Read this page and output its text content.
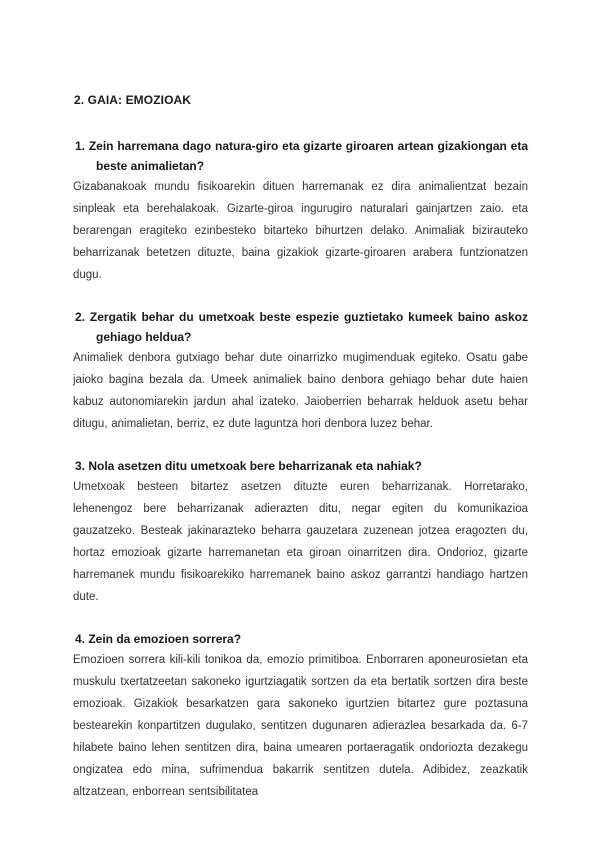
2. GAIA: EMOZIOAK

1. Zein harremana dago natura-giro eta gizarte giroaren artean gizakiongan eta beste animalietan?

Gizabanakoak mundu fisikoarekin dituen harremanak ez dira animalientzat bezain sinpleak eta berehalakoak. Gizarte-giroa ingurugiro naturalari gainjartzen zaio. eta berarengan eragiteko ezinbesteko bitarteko bihurtzen delako. Animaliak bizirauteko beharrizanak betetzen dituzte, baina gizakiok gizarte-giroaren arabera funtzionatzen dugu.

2. Zergatik behar du umetxoak beste espezie guztietako kumeek baino askoz gehiago heldua?

Animaliek denbora gutxiago behar dute oinarrizko mugimenduak egiteko. Osatu gabe jaioko bagina bezala da. Umeek animaliek baino denbora gehiago behar dute haien kabuz autonomiarekin jardun ahal izateko. Jaioberrien beharrak helduok asetu behar ditugu, animalietan, berriz, ez dute laguntza hori denbora luzez behar.

3. Nola asetzen ditu umetxoak bere beharrizanak eta nahiak?

Umetxoak besteen bitartez asetzen dituzte euren beharrizanak. Horretarako, lehenengoz bere beharrizanak adierazten ditu, negar egiten du komunikazioa gauzatzeko. Besteak jakinarazteko beharra gauzetara zuzenean jotzea eragozten du, hortaz emozioak gizarte harremanetan eta giroan oinarritzen dira. Ondorioz, gizarte harremanek mundu fisikoarekiko harremanek baino askoz garrantzi handiago hartzen dute.

4. Zein da emozioen sorrera?

Emozioen sorrera kili-kili tonikoa da, emozio primitiboa. Enborraren aponeurosietan eta muskulu txertatzeetan sakoneko igurtziagatik sortzen da eta bertatik sortzen dira beste emozioak. Gizakiok besarkatzen gara sakoneko igurtzien bitartez gure poztasuna bestearekin konpartitzen dugulako, sentitzen dugunaren adierazlea besarkada da. 6-7 hilabete baino lehen sentitzen dira, baina umearen portaeragatik ondoriozta dezakegu ongizatea edo mina, sufrimendua bakarrik sentitzen dutela. Adibidez, zeazkatik altzatzean, enborrean sentsibilitatea
